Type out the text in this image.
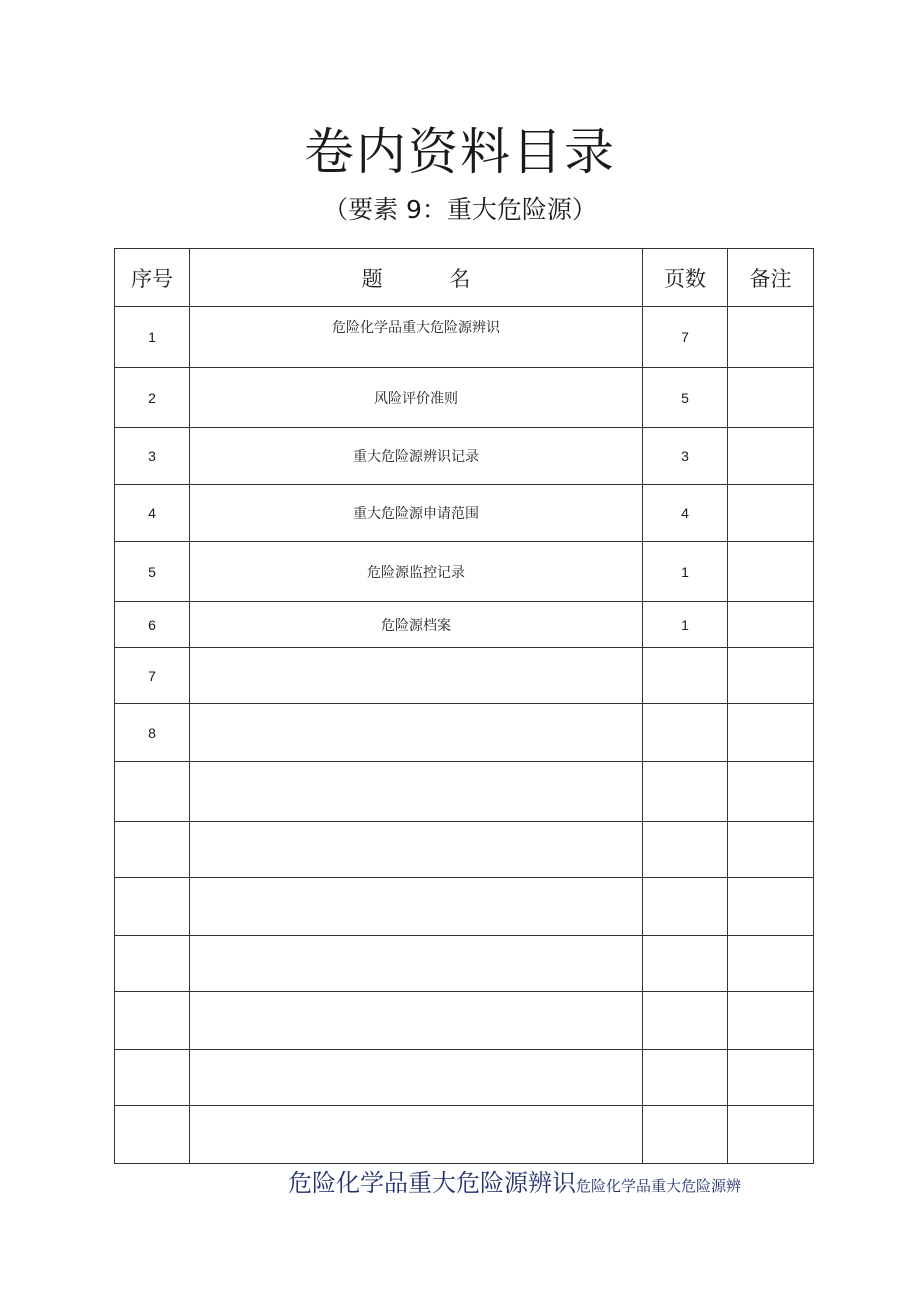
卷内资料目录
（要素 9：重大危险源）
序号	题 名	页数	备注
1	危险化学品重大危险源辨识	7	
2	风险评价准则	5	
3	重大危险源辨识记录	3	
4	重大危险源申请范围	4	
5	危险源监控记录	1	
6	危险源档案	1	
7			
8			

危险化学品重大危险源辨识危险化学品重大危险源辨
